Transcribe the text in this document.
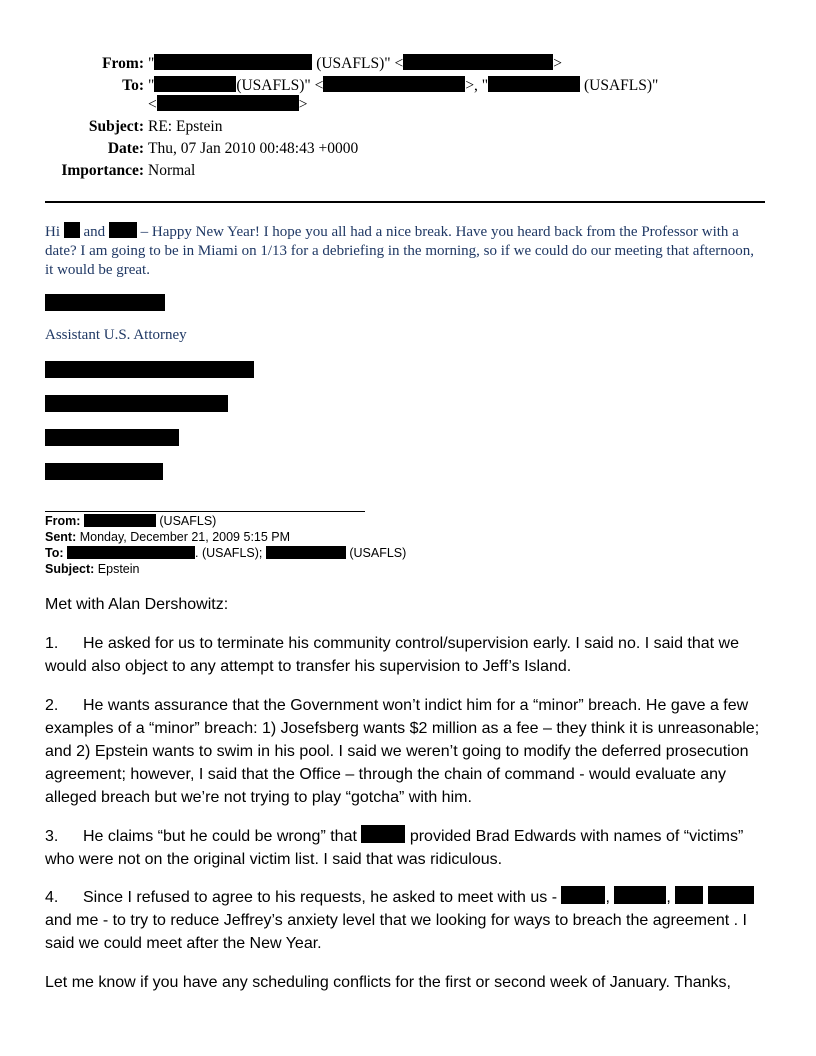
From: "	(USAFLS)" <	>
To: "	(USAFLS)" <	>, "	(USAFLS)"
<	>
Subject: RE: Epstein
Date: Thu, 07 Jan 2010 00:48:43 +0000
Importance: Normal
Hi and – Happy New Year! I hope you all had a nice break. Have you heard back from the Professor with a date? I am going to be in Miami on 1/13 for a debriefing in the morning, so if we could do our meeting that afternoon, it would be great.
Assistant U.S. Attorney
From:	(USAFLS)
Sent: Monday, December 21, 2009 5:15 PM
To:	. (USAFLS);	(USAFLS)
Subject: Epstein
Met with Alan Dershowitz:
1. He asked for us to terminate his community control/supervision early. I said no. I said that we would also object to any attempt to transfer his supervision to Jeff’s Island.
2. He wants assurance that the Government won’t indict him for a “minor” breach. He gave a few examples of a “minor” breach: 1) Josefsberg wants $2 million as a fee – they think it is unreasonable; and 2) Epstein wants to swim in his pool. I said we weren’t going to modify the deferred prosecution agreement; however, I said that the Office – through the chain of command - would evaluate any alleged breach but we’re not trying to play “gotcha” with him.
3. He claims “but he could be wrong” that	provided Brad Edwards with names of “victims” who were not on the original victim list. I said that was ridiculous.
4. Since I refused to agree to his requests, he asked to meet with us -	,	,   and me - to try to reduce Jeffrey’s anxiety level that we looking for ways to breach the agreement . I said we could meet after the New Year.
Let me know if you have any scheduling conflicts for the first or second week of January. Thanks,
